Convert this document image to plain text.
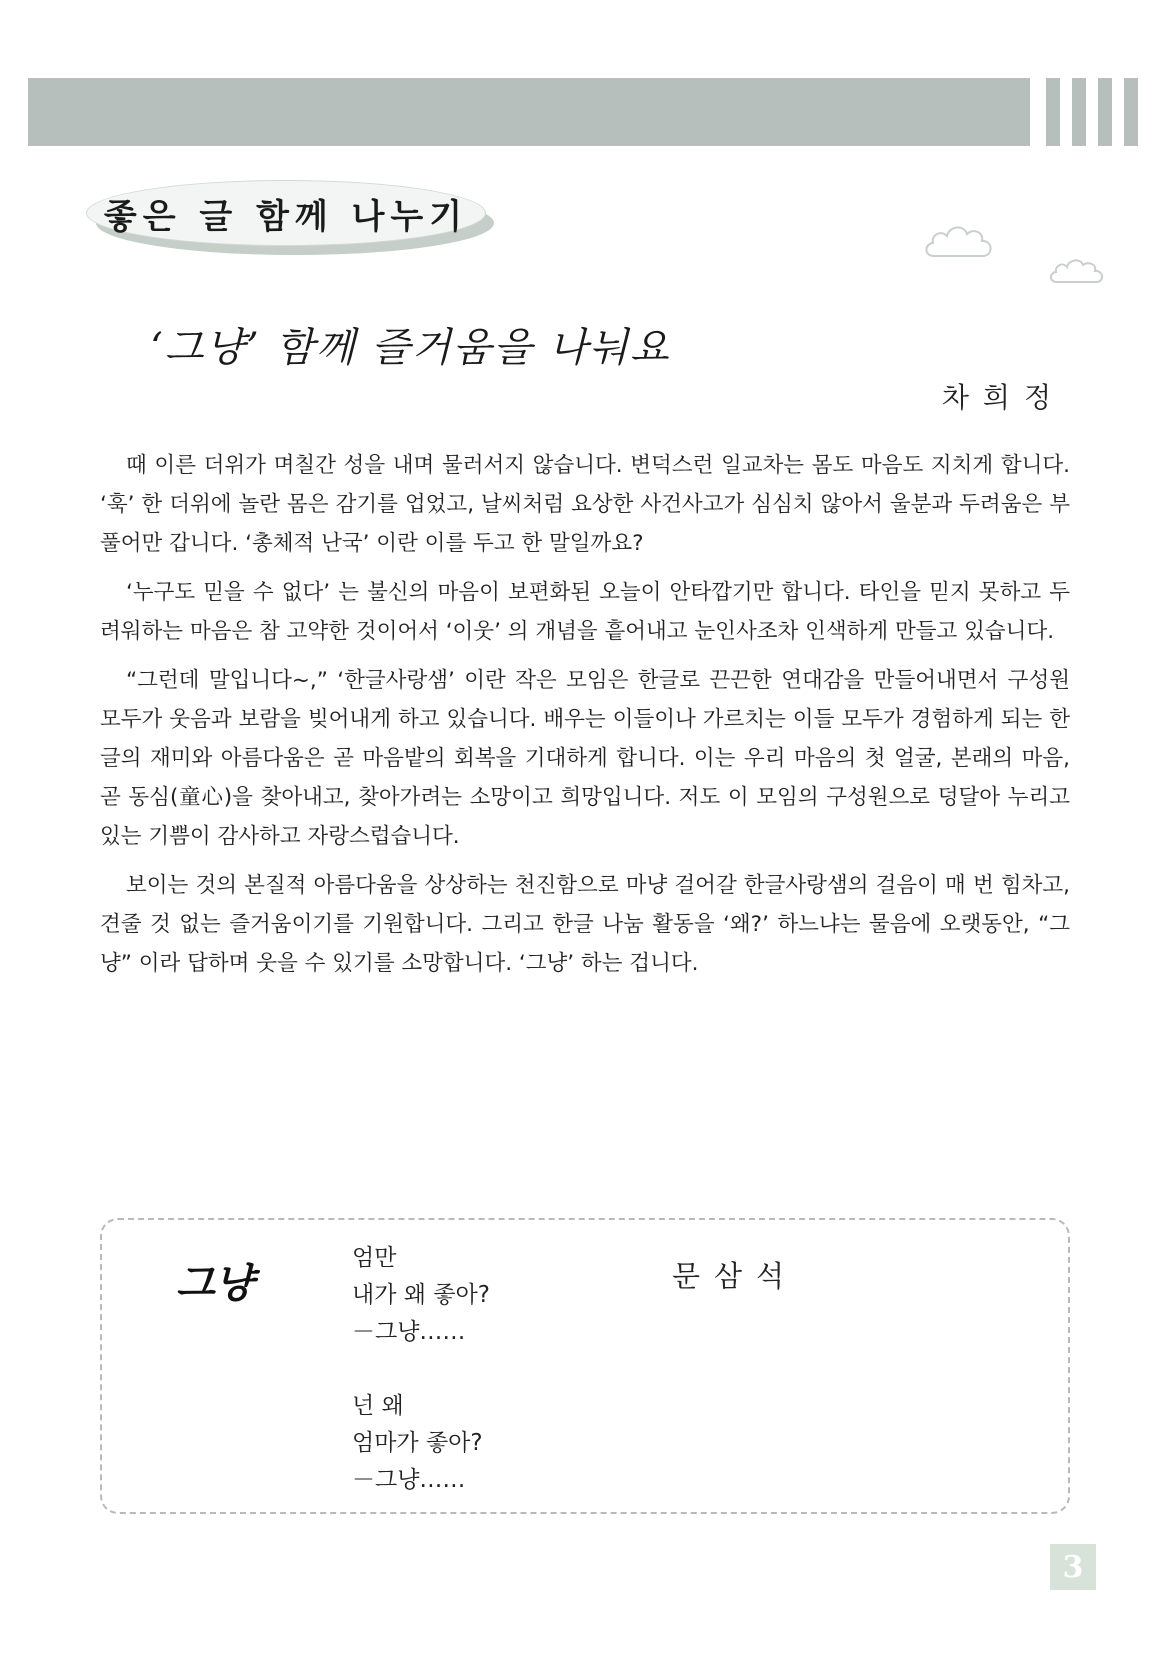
좋은 글 함께 나누기
‘그냥’ 함께 즐거움을 나눠요
차희정

때 이른 더위가 며칠간 성을 내며 물러서지 않습니다. 변덕스런 일교차는 몸도 마음도 지치게 합니다. ‘훅’ 한 더위에 놀란 몸은 감기를 업었고, 날씨처럼 요상한 사건사고가 심심치 않아서 울분과 두려움은 부풀어만 갑니다. ‘총체적 난국’ 이란 이를 두고 한 말일까요?

‘누구도 믿을 수 없다’ 는 불신의 마음이 보편화된 오늘이 안타깝기만 합니다. 타인을 믿지 못하고 두려워하는 마음은 참 고약한 것이어서 ‘이웃’ 의 개념을 흩어내고 눈인사조차 인색하게 만들고 있습니다.

“그런데 말입니다~,” ‘한글사랑샘’ 이란 작은 모임은 한글로 끈끈한 연대감을 만들어내면서 구성원 모두가 웃음과 보람을 빚어내게 하고 있습니다. 배우는 이들이나 가르치는 이들 모두가 경험하게 되는 한글의 재미와 아름다움은 곧 마음밭의 회복을 기대하게 합니다. 이는 우리 마음의 첫 얼굴, 본래의 마음, 곧 동심(童心)을 찾아내고, 찾아가려는 소망이고 희망입니다. 저도 이 모임의 구성원으로 덩달아 누리고 있는 기쁨이 감사하고 자랑스럽습니다.

보이는 것의 본질적 아름다움을 상상하는 천진함으로 마냥 걸어갈 한글사랑샘의 걸음이 매 번 힘차고, 견줄 것 없는 즐거움이기를 기원합니다. 그리고 한글 나눔 활동을 ‘왜?’ 하느냐는 물음에 오랫동안, “그냥” 이라 답하며 웃을 수 있기를 소망합니다. ‘그냥’ 하는 겁니다.

그냥
엄만
내가 왜 좋아?
－그냥……
넌 왜
엄마가 좋아?
－그냥……
문삼석
3
